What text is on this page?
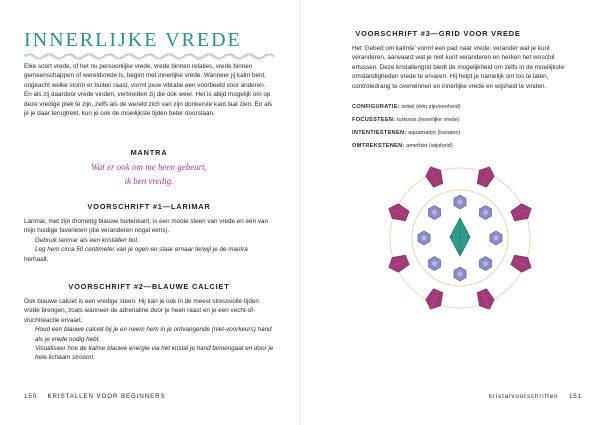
INNERLIJKE VREDE

Elke soort vrede, of het nu persoonlijke vrede, vrede binnen relaties, vrede binnen gemeenschappen of wereldvrede is, begint met innerlijke vrede. Wanneer jij kalm bent, ongeacht welke storm er buiten raast, vormt jouw vibratie een voorbeeld voor anderen. En als zij daardoor vrede vinden, verbreiden zij die ook weer. Het is altijd mogelijk om op deze vredige plek te zijn, zelfs als de wereld zich van zijn donkerste kant laat zien. En als je je daar terugtrekt, kun je ook de moeilijkste tijden beter doorstaan.

MANTRA
Wat er ook om me heen gebeurt,
ik ben vredig.
VOORSCHRIFT #1—LARIMAR

Larimar, met zijn dromerig blauwe buitenkant, is een mooie steen van vrede en een van mijn huidige favorieten (die veranderen nogal eens).

Gebruik larimar als een kristallen bol.

Leg hem circa 50 centimeter van je ogen en staar ernaar terwijl je de mantra

herhaalt.

VOORSCHRIFT #2—BLAUWE CALCIET

Ook blauwe calciet is een vredige steen. Hij kan je ook in de meest stressvolle tijden vrede brengen, zoals wanneer de adrenaline door je heen raast en je een vecht-of-vluchtreactie ervaart.

Houd een blauwe calciet bij je en neem hem in je ontvangende (niet-voorkeurs) hand als je vrede nodig hebt.

Visualiseer hoe de kalme blauwe energie via het kristal je hand binnengaat en door je hele lichaam stroomt.

150 KRISTALLEN VOOR BEGINNERS
VOORSCHRIFT #3—GRID VOOR VREDE
Het 'Gebed om kalmte' vormt een pad naar vrede: verander wat je kunt veranderen, aanvaard wat je niet kunt veranderen en herken het verschil ertussen. Deze kristallengrid biedt de mogelijkheid om zelfs in de moeilijkste omstandigheden vrede te ervaren. Hij helpt je namelijk om los te laten, controledrang te overwinnen en innerlijke vrede en wijsheid te vinden.
CONFIGURATIE: cirkel (één zijn/eenheid)
FOCUSSTEEN: turkoois (innerlijke vrede)
INTENTIESTENEN: aquamarijn (loslaten)
OMTREKSTENEN: amethist (wijsheid)
kristalvoorschriften 151
